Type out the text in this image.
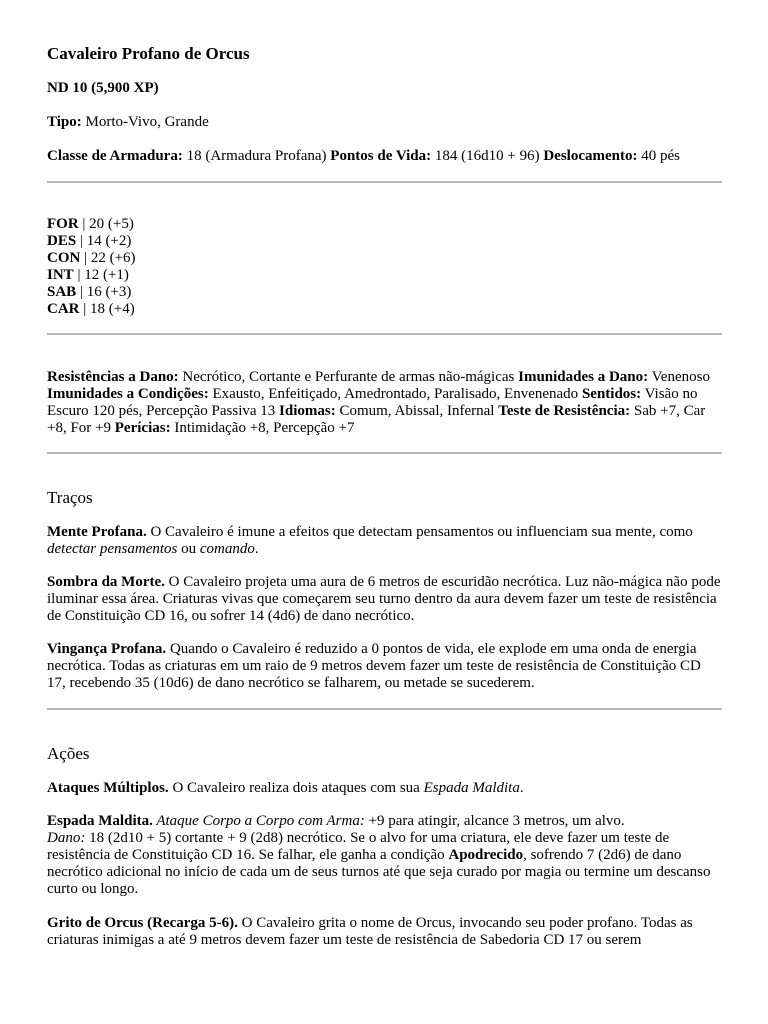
Cavaleiro Profano de Orcus

ND 10 (5,900 XP)

Tipo: Morto-Vivo, Grande

Classe de Armadura: 18 (Armadura Profana) Pontos de Vida: 184 (16d10 + 96) Deslocamento: 40 pés

FOR | 20 (+5)
DES | 14 (+2)
CON | 22 (+6)
INT | 12 (+1)
SAB | 16 (+3)
CAR | 18 (+4)

Resistências a Dano: Necrótico, Cortante e Perfurante de armas não-mágicas Imunidades a Dano: Venenoso Imunidades a Condições: Exausto, Enfeitiçado, Amedrontado, Paralisado, Envenenado Sentidos: Visão no Escuro 120 pés, Percepção Passiva 13 Idiomas: Comum, Abissal, Infernal Teste de Resistência: Sab +7, Car +8, For +9 Perícias: Intimidação +8, Percepção +7

Traços

Mente Profana. O Cavaleiro é imune a efeitos que detectam pensamentos ou influenciam sua mente, como detectar pensamentos ou comando.

Sombra da Morte. O Cavaleiro projeta uma aura de 6 metros de escuridão necrótica. Luz não-mágica não pode iluminar essa área. Criaturas vivas que começarem seu turno dentro da aura devem fazer um teste de resistência de Constituição CD 16, ou sofrer 14 (4d6) de dano necrótico.

Vingança Profana. Quando o Cavaleiro é reduzido a 0 pontos de vida, ele explode em uma onda de energia necrótica. Todas as criaturas em um raio de 9 metros devem fazer um teste de resistência de Constituição CD 17, recebendo 35 (10d6) de dano necrótico se falharem, ou metade se sucederem.

Ações

Ataques Múltiplos. O Cavaleiro realiza dois ataques com sua Espada Maldita.

Espada Maldita. Ataque Corpo a Corpo com Arma: +9 para atingir, alcance 3 metros, um alvo.
Dano: 18 (2d10 + 5) cortante + 9 (2d8) necrótico. Se o alvo for uma criatura, ele deve fazer um teste de resistência de Constituição CD 16. Se falhar, ele ganha a condição Apodrecido, sofrendo 7 (2d6) de dano necrótico adicional no início de cada um de seus turnos até que seja curado por magia ou termine um descanso curto ou longo.

Grito de Orcus (Recarga 5-6). O Cavaleiro grita o nome de Orcus, invocando seu poder profano. Todas as criaturas inimigas a até 9 metros devem fazer um teste de resistência de Sabedoria CD 17 ou serem
